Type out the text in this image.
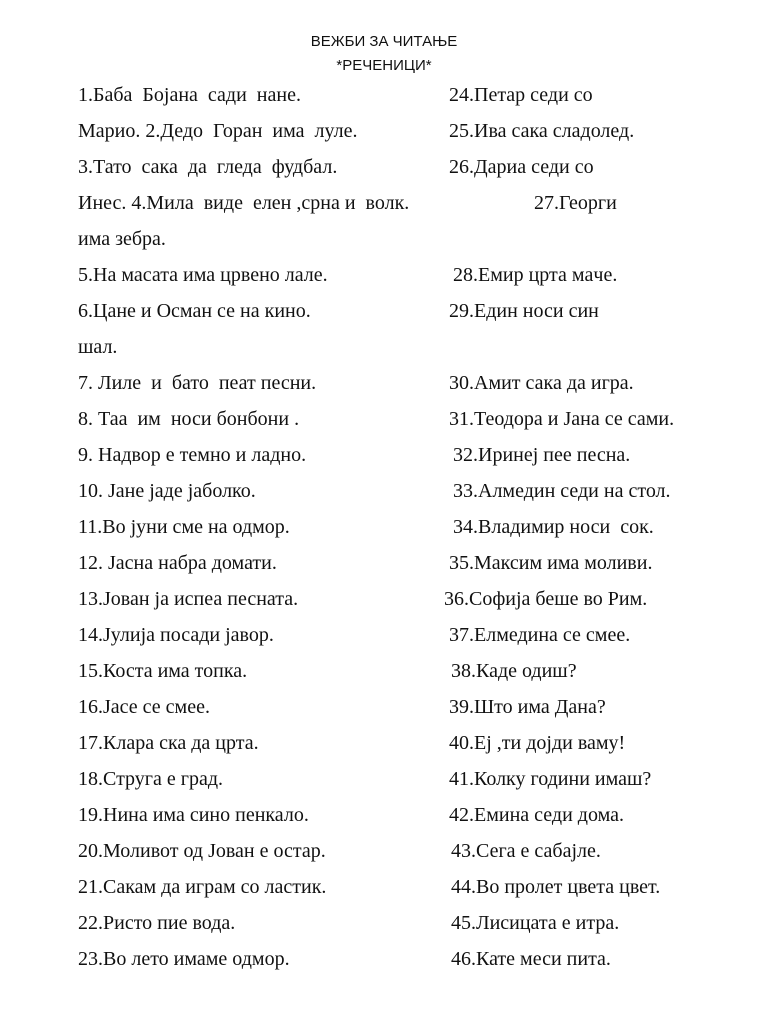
ВЕЖБИ ЗА ЧИТАЊЕ
*РЕЧЕНИЦИ*
1.Баба  Бојана  сади  нане.	24.Петар седи со
Марио. 2.Дедо  Горан  има  луле.	25.Ива сака сладолед.
3.Тато  сака  да  гледа  фудбал.	26.Дариа седи со
Инес. 4.Мила  виде  елен ,срна и  волк.	27.Георги
има зебра.
5.На масата има црвено лале.	28.Емир црта мaчe.
6.Цане и Осман се на кино.	29.Един носи син
шал.
7. Лиле  и  бато  пеат песни.	30.Амит сака да игра.
8. Таа  им  носи бонбони .	31.Теодора и Јана се сами.
9. Надвор е темно и ладно.	32.Иринеј пее песна.
10. Јане јаде јаболко.	33.Алмедин седи на стол.
11.Во јуни сме на одмор.	34.Владимир носи  сок.
12. Јасна набра домати.	35.Максим има моливи.
13.Јован ја испеа песната.	36.Софија беше во Рим.
14.Јулија посади јавор.	37.Елмедина се смее.
15.Коста има топка.	38.Каде одиш?
16.Јасе се смее.	39.Што има Дана?
17.Клара ска да црта.	40.Еј ,ти дојди ваму!
18.Струга е град.	41.Колку години имаш?
19.Нина има сино пенкало.	42.Емина седи дома.
20.Моливот од Јован е остар.	43.Сега е сабајле.
21.Сакам да играм со ластик.	44.Во пролет цвета цвет.
22.Ристо пие вода.	45.Лисицата е итра.
23.Во лето имаме одмор.	46.Кате меси пита.
